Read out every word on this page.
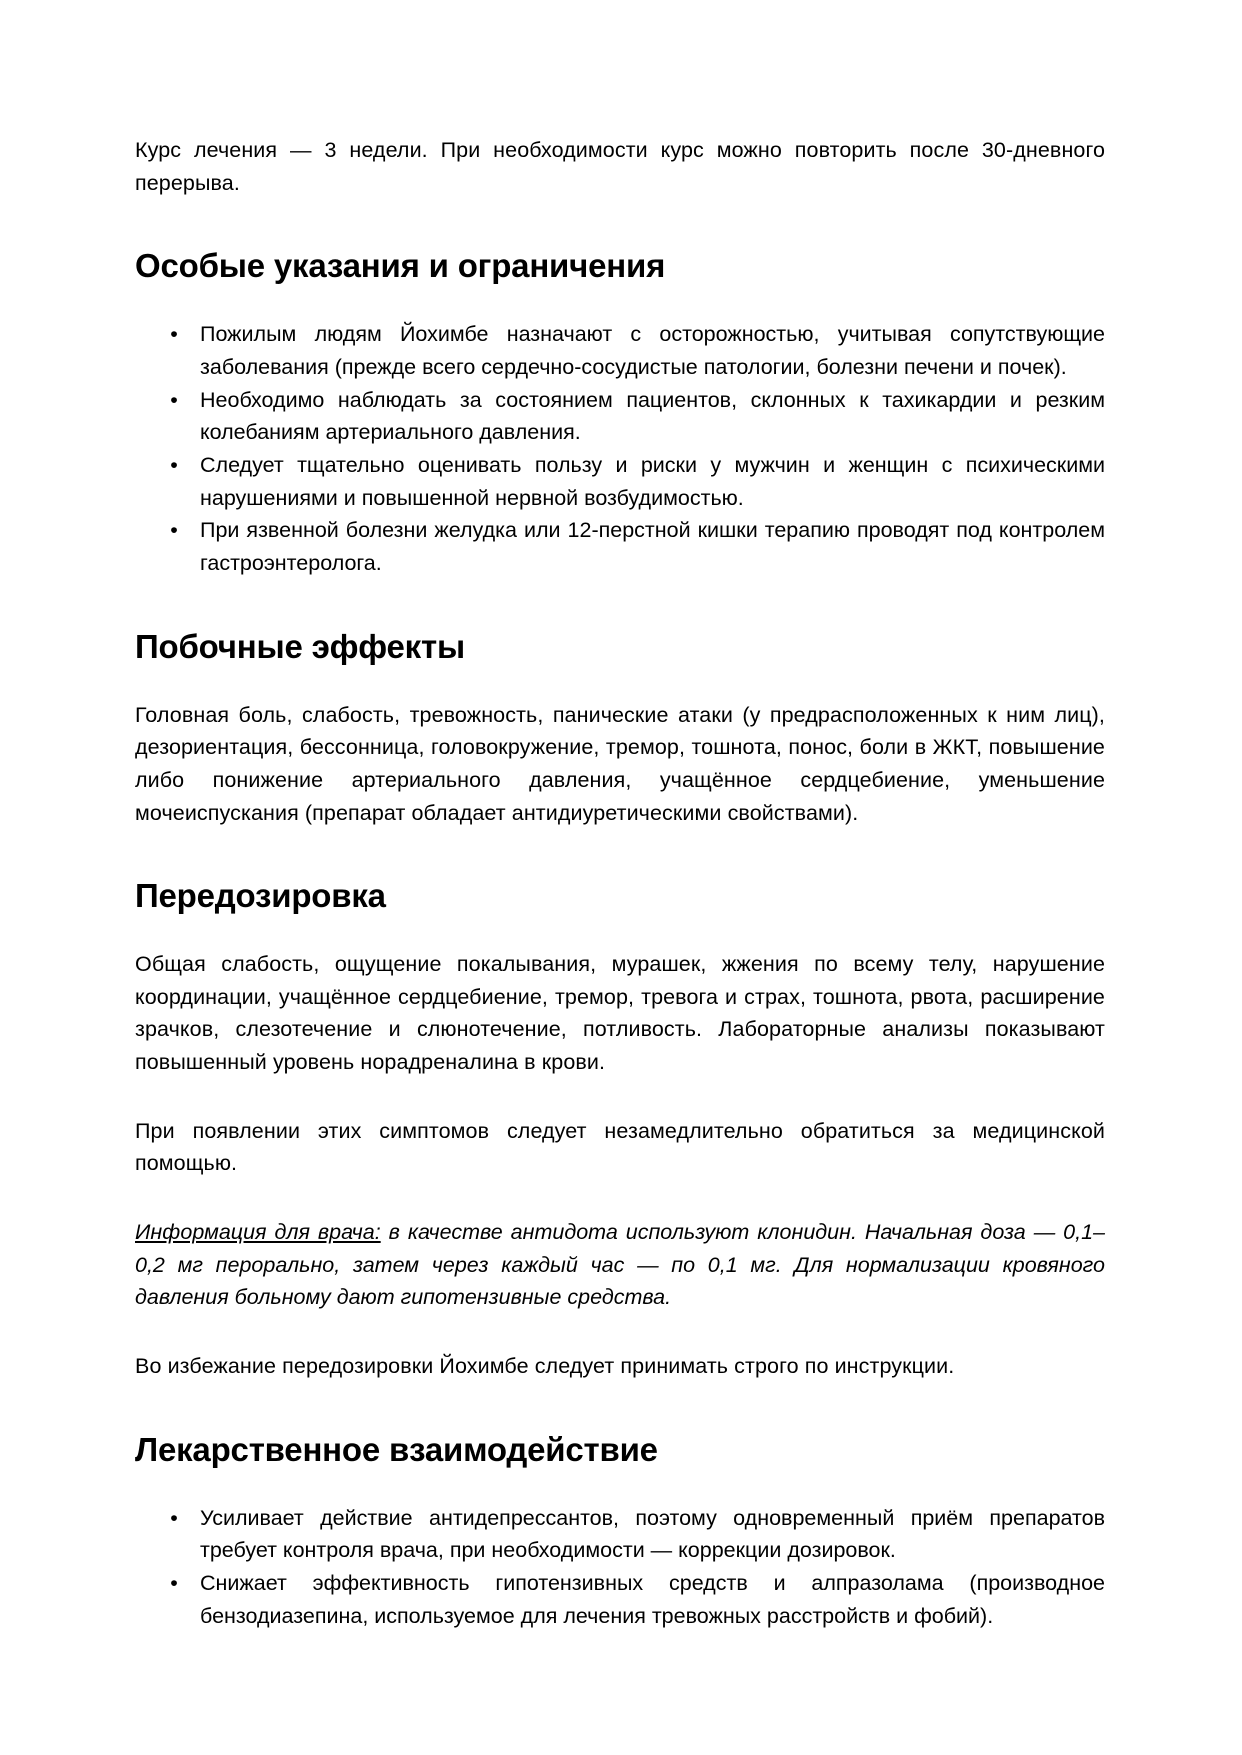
Курс лечения — 3 недели. При необходимости курс можно повторить после 30-дневного перерыва.

Особые указания и ограничения
• Пожилым людям Йохимбе назначают с осторожностью, учитывая сопутствующие заболевания (прежде всего сердечно-сосудистые патологии, болезни печени и почек).
• Необходимо наблюдать за состоянием пациентов, склонных к тахикардии и резким колебаниям артериального давления.
• Следует тщательно оценивать пользу и риски у мужчин и женщин с психическими нарушениями и повышенной нервной возбудимостью.
• При язвенной болезни желудка или 12-перстной кишки терапию проводят под контролем гастроэнтеролога.
Побочные эффекты

Головная боль, слабость, тревожность, панические атаки (у предрасположенных к ним лиц), дезориентация, бессонница, головокружение, тремор, тошнота, понос, боли в ЖКТ, повышение либо понижение артериального давления, учащённое сердцебиение, уменьшение мочеиспускания (препарат обладает антидиуретическими свойствами).

Передозировка

Общая слабость, ощущение покалывания, мурашек, жжения по всему телу, нарушение координации, учащённое сердцебиение, тремор, тревога и страх, тошнота, рвота, расширение зрачков, слезотечение и слюнотечение, потливость. Лабораторные анализы показывают повышенный уровень норадреналина в крови.

При появлении этих симптомов следует незамедлительно обратиться за медицинской помощью.

Информация для врача: в качестве антидота используют клонидин. Начальная доза — 0,1–0,2 мг перорально, затем через каждый час — по 0,1 мг. Для нормализации кровяного давления больному дают гипотензивные средства.

Во избежание передозировки Йохимбе следует принимать строго по инструкции.

Лекарственное взаимодействие
• Усиливает действие антидепрессантов, поэтому одновременный приём препаратов требует контроля врача, при необходимости — коррекции дозировок.
• Снижает эффективность гипотензивных средств и алпразолама (производное бензодиазепина, используемое для лечения тревожных расстройств и фобий).
